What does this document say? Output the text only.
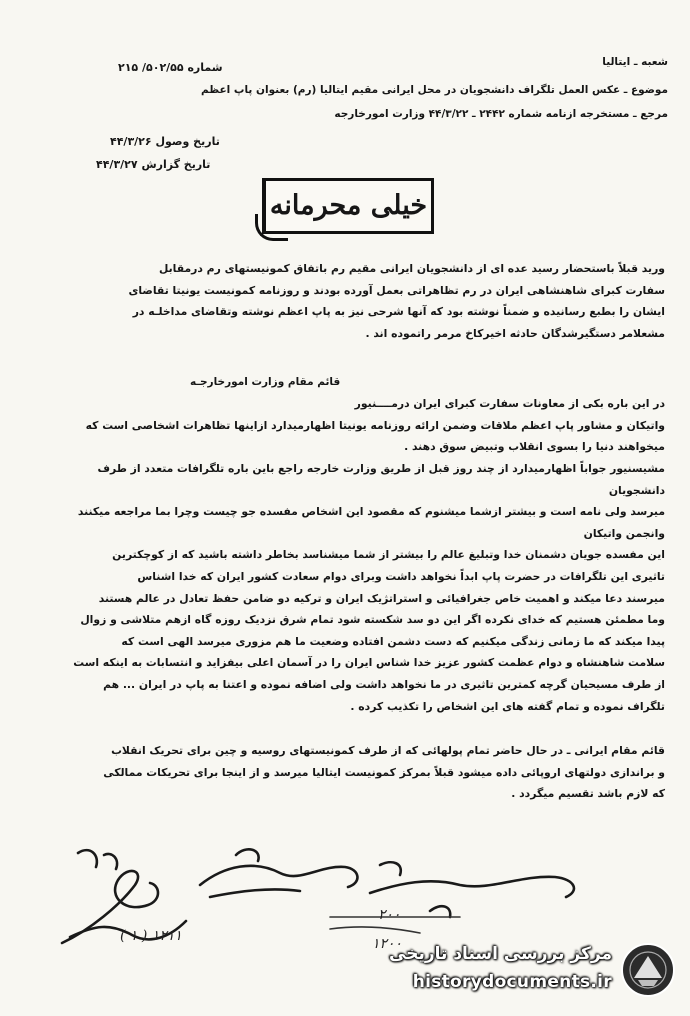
شعبه ـ ایتالیا
شماره ۵۰۲/۵۵/ ۲۱۵
موضوع ـ عکس العمل تلگراف دانشجویان در محل ایرانی مقیم ایتالیا (رم) بعنوان پاپ اعظم
مرجع ـ مستخرجه ازنامه شماره ۲۴۴۲ ـ ۴۴/۳/۲۲ وزارت امورخارجه
تاریخ وصول ۴۴/۳/۲۶
تاریخ گزارش ۴۴/۳/۲۷
خیلی محرمانه
ورید قبلاً باستحضار رسید عده ای از دانشجویان ایرانی مقیم رم باتفاق کمونیستهای رم درمقابل
سفارت کبرای شاهنشاهی ایران در رم تظاهراتی بعمل آورده بودند و روزنامه کمونیست یونیتا تقاضای
ایشان را بطبع رسانیده و ضمناً نوشته بود که آنها شرحی نیز به پاپ اعظم نوشته وتقاضای مداخلـه در
مشعلامر دستگیرشدگان حادثه اخیرکاخ مرمر راتموده اند .
قائم مقام وزارت امورخارجـه
در این باره بکی از معاونات سفارت کبرای ایران درمــــنیور
واتیکان و مشاور پاپ اعظم ملاقات وضمن ارائه روزنامه یونیتا اظهارمیدارد ازاینها تظاهرات اشخاصی است که
میخواهند دنیا را بسوی انقلاب وتبیض سوق دهند .
مشیسنیور جواباً اظهارمیدارد از چند روز قبل از طریق وزارت خارجه راجع باین باره تلگرافات متعدد از طرف دانشجویان
میرسد ولی نامه است و بیشتر ازشما میشنوم که مقصود این اشخاص مفسده جو چیست وچرا بما مراجعه میکنند وانجمن واتیکان
این مفسده جویان دشمنان خدا وتبلیغ عالم را بیشتر از شما میشناسد بخاطر داشته باشید که از کوچکترین
تاثیری این تلگرافات در حضرت پاپ ابداً نخواهد داشت وبرای دوام سعادت کشور ایران که خدا اشناس
میرسند دعا میکند و اهمیت خاص جغرافیائی و استراتژیک ایران و ترکیه دو ضامن حفظ تعادل در عالم هستند
وما مطمئن هستیم که خدای نکرده اگر این دو سد شکسته شود تمام شرق نزدیک روزه گاه ازهم متلاشی و زوال
پیدا میکند که ما زمانی زندگی میکنیم که دست دشمن افتاده وضعیت ما هم مزوری میرسد الهی است که
سلامت شاهنشاه و دوام عظمت کشور عزیز خدا شناس ایران را در آسمان اعلی بیفزاید و انتسابات به اینکه است
از طرف مسیحیان گرچه کمترین تاثیری در ما نخواهد داشت ولی اضافه نموده و اعتنا به پاپ در ایران ... هم
تلگراف نموده و تمام گفته های این اشخاص را تکذیب کرده .
قائم مقام ایرانی ـ در حال حاضر تمام پولهائی که از طرف کمونیستهای روسیه و چین برای تحریک انقلاب
و براندازی دولتهای اروپائی داده میشود قبلاً بمرکز کمونیست ایتالیا میرسد و از اینجا برای تحریکات ممالکی
که لازم باشد تقسیم میگردد .
( ۱ ) ۱۲۱۱
۲۰۰
۱۲۰۰
مرکز بررسی اسناد تاریخی
historydocuments.ir
